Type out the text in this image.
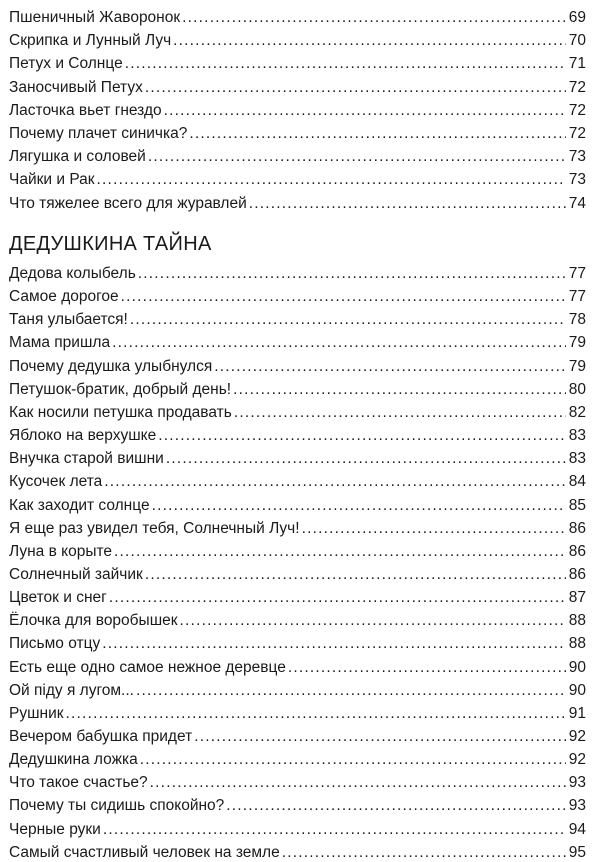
Пшеничный Жаворонок .....	69
Скрипка и Лунный Луч .....	70
Петух и Солнце .....	71
Заносчивый Петух .....	72
Ласточка вьет гнездо .....	72
Почему плачет синичка? .....	72
Лягушка и соловей .....	73
Чайки и Рак .....	73
Что тяжелее всего для журавлей .....	74
ДЕДУШКИНА ТАЙНА
Дедова колыбель .....	77
Самое дорогое .....	77
Таня улыбается! .....	78
Мама пришла .....	79
Почему дедушка улыбнулся .....	79
Петушок-братик, добрый день! .....	80
Как носили петушка продавать .....	82
Яблоко на верхушке .....	83
Внучка старой вишни .....	83
Кусочек лета .....	84
Как заходит солнце .....	85
Я еще раз увидел тебя, Солнечный Луч! .....	86
Луна в корыте .....	86
Солнечный зайчик .....	86
Цветок и снег .....	87
Ёлочка для воробышек .....	88
Письмо отцу .....	88
Есть еще одно самое нежное деревце .....	90
Ой піду я лугом... .....	90
Рушник .....	91
Вечером бабушка придет .....	92
Дедушкина ложка .....	92
Что такое счастье? .....	93
Почему ты сидишь спокойно? .....	93
Черные руки .....	94
Самый счастливый человек на земле .....	95
